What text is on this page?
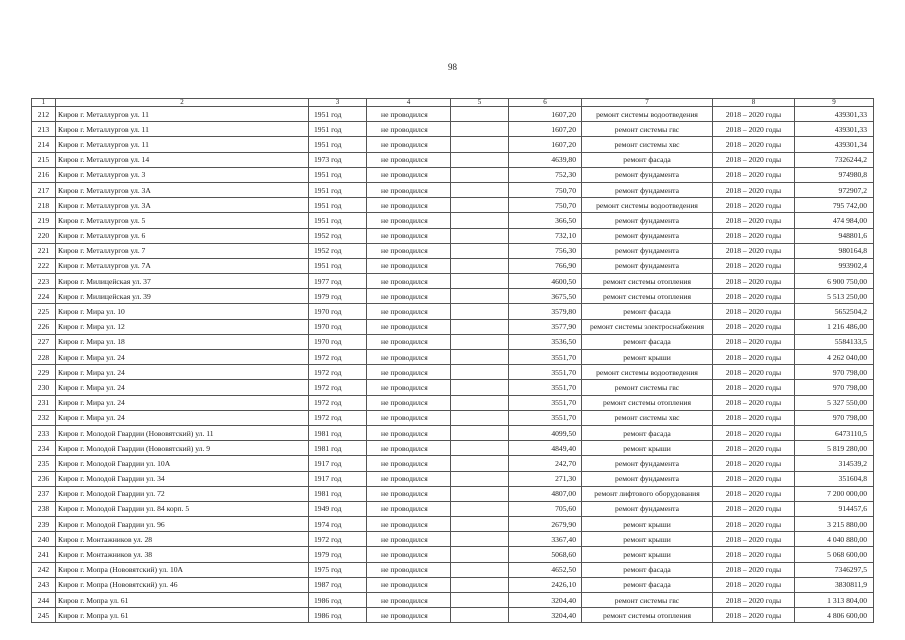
98
1	2	3	4	5	6	7	8	9
212	Киров г. Металлургов ул. 11	1951 год	не проводился		1607,20	ремонт системы водоотведения	2018 – 2020 годы	439301,33
213	Киров г. Металлургов ул. 11	1951 год	не проводился		1607,20	ремонт системы гвс	2018 – 2020 годы	439301,33
214	Киров г. Металлургов ул. 11	1951 год	не проводился		1607,20	ремонт системы хвс	2018 – 2020 годы	439301,34
215	Киров г. Металлургов ул. 14	1973 год	не проводился		4639,80	ремонт фасада	2018 – 2020 годы	7326244,2
216	Киров г. Металлургов ул. 3	1951 год	не проводился		752,30	ремонт фундамента	2018 – 2020 годы	974980,8
217	Киров г. Металлургов ул. 3А	1951 год	не проводился		750,70	ремонт фундамента	2018 – 2020 годы	972907,2
218	Киров г. Металлургов ул. 3А	1951 год	не проводился		750,70	ремонт системы водоотведения	2018 – 2020 годы	795 742,00
219	Киров г. Металлургов ул. 5	1951 год	не проводился		366,50	ремонт фундамента	2018 – 2020 годы	474 984,00
220	Киров г. Металлургов ул. 6	1952 год	не проводился		732,10	ремонт фундамента	2018 – 2020 годы	948801,6
221	Киров г. Металлургов ул. 7	1952 год	не проводился		756,30	ремонт фундамента	2018 – 2020 годы	980164,8
222	Киров г. Металлургов ул. 7А	1951 год	не проводился		766,90	ремонт фундамента	2018 – 2020 годы	993902,4
223	Киров г. Милицейская ул. 37	1977 год	не проводился		4600,50	ремонт системы отопления	2018 – 2020 годы	6 900 750,00
224	Киров г. Милицейская ул. 39	1979 год	не проводился		3675,50	ремонт системы отопления	2018 – 2020 годы	5 513 250,00
225	Киров г. Мира ул. 10	1970 год	не проводился		3579,80	ремонт фасада	2018 – 2020 годы	5652504,2
226	Киров г. Мира ул. 12	1970 год	не проводился		3577,90	ремонт системы электроснабжения	2018 – 2020 годы	1 216 486,00
227	Киров г. Мира ул. 18	1970 год	не проводился		3536,50	ремонт фасада	2018 – 2020 годы	5584133,5
228	Киров г. Мира ул. 24	1972 год	не проводился		3551,70	ремонт крыши	2018 – 2020 годы	4 262 040,00
229	Киров г. Мира ул. 24	1972 год	не проводился		3551,70	ремонт системы водоотведения	2018 – 2020 годы	970 798,00
230	Киров г. Мира ул. 24	1972 год	не проводился		3551,70	ремонт системы гвс	2018 – 2020 годы	970 798,00
231	Киров г. Мира ул. 24	1972 год	не проводился		3551,70	ремонт системы отопления	2018 – 2020 годы	5 327 550,00
232	Киров г. Мира ул. 24	1972 год	не проводился		3551,70	ремонт системы хвс	2018 – 2020 годы	970 798,00
233	Киров г. Молодой Гвардии (Нововятский) ул. 11	1981 год	не проводился		4099,50	ремонт фасада	2018 – 2020 годы	6473110,5
234	Киров г. Молодой Гвардии (Нововятский) ул. 9	1981 год	не проводился		4849,40	ремонт крыши	2018 – 2020 годы	5 819 280,00
235	Киров г. Молодой Гвардии ул. 10А	1917 год	не проводился		242,70	ремонт фундамента	2018 – 2020 годы	314539,2
236	Киров г. Молодой Гвардии ул. 34	1917 год	не проводился		271,30	ремонт фундамента	2018 – 2020 годы	351604,8
237	Киров г. Молодой Гвардии ул. 72	1981 год	не проводился		4807,00	ремонт лифтового оборудования	2018 – 2020 годы	7 200 000,00
238	Киров г. Молодой Гвардии ул. 84 корп. 5	1949 год	не проводился		705,60	ремонт фундамента	2018 – 2020 годы	914457,6
239	Киров г. Молодой Гвардии ул. 96	1974 год	не проводился		2679,90	ремонт крыши	2018 – 2020 годы	3 215 880,00
240	Киров г. Монтажников ул. 28	1972 год	не проводился		3367,40	ремонт крыши	2018 – 2020 годы	4 040 880,00
241	Киров г. Монтажников ул. 38	1979 год	не проводился		5068,60	ремонт крыши	2018 – 2020 годы	5 068 600,00
242	Киров г. Мопра (Нововятский) ул. 10А	1975 год	не проводился		4652,50	ремонт фасада	2018 – 2020 годы	7346297,5
243	Киров г. Мопра (Нововятский) ул. 46	1987 год	не проводился		2426,10	ремонт фасада	2018 – 2020 годы	3830811,9
244	Киров г. Мопра ул. 61	1986 год	не проводился		3204,40	ремонт системы гвс	2018 – 2020 годы	1 313 804,00
245	Киров г. Мопра ул. 61	1986 год	не проводился		3204,40	ремонт системы отопления	2018 – 2020 годы	4 806 600,00
